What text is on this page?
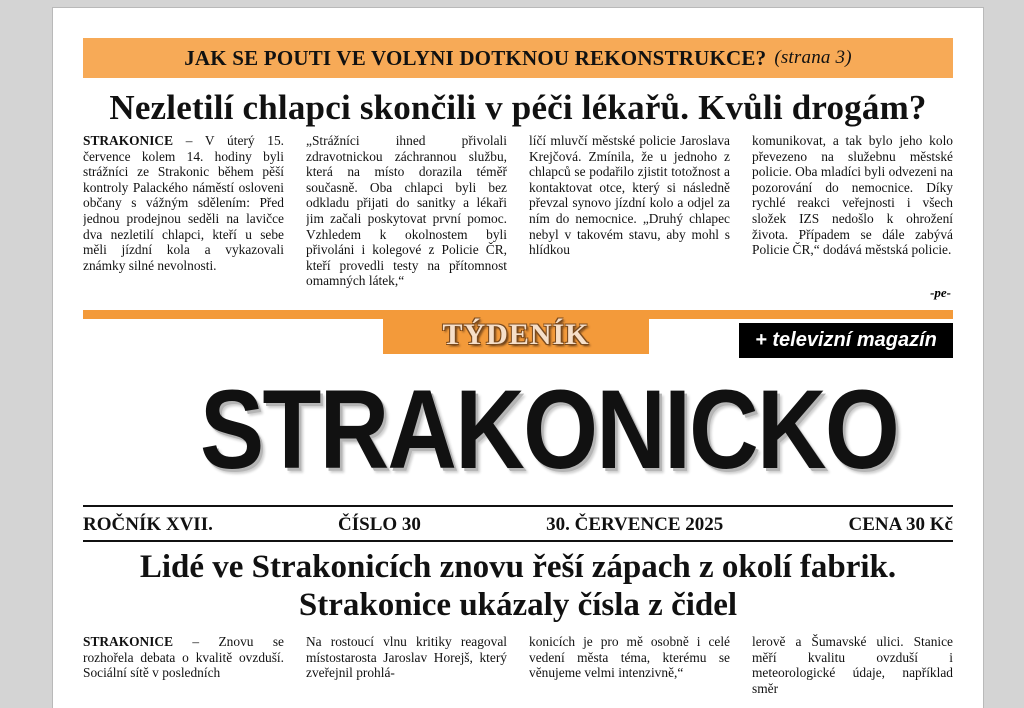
JAK SE POUTI VE VOLYNI DOTKNOU REKONSTRUKCE? (strana 3)
Nezletilí chlapci skončili v péči lékařů. Kvůli drogám?
STRAKONICE – V úterý 15. července kolem 14. hodiny byli strážníci ze Strakonic během pěší kontroly Palackého náměstí osloveni občany s vážným sdělením: Před jednou prodejnou seděli na lavičce dva nezletilí chlapci, kteří u sebe měli jízdní kola a vykazovali známky silné nevolnosti.
„Strážníci ihned přivolali zdravotnickou záchrannou službu, která na místo dorazila téměř současně. Oba chlapci byli bez odkladu přijati do sanitky a lékaři jim začali poskytovat první pomoc. Vzhledem k okolnostem byli přivoláni i kolegové z Policie ČR, kteří provedli testy na přítomnost omamných látek,“
líčí mluvčí městské policie Jaroslava Krejčová. Zmínila, že u jednoho z chlapců se podařilo zjistit totožnost a kontaktovat otce, který si následně převzal synovo jízdní kolo a odjel za ním do nemocnice. „Druhý chlapec nebyl v takovém stavu, aby mohl s hlídkou
komunikovat, a tak bylo jeho kolo převezeno na služebnu městské policie. Oba mladíci byli odvezeni na pozorování do nemocnice. Díky rychlé reakci veřejnosti i všech složek IZS nedošlo k ohrožení života. Případem se dále zabývá Policie ČR,“ dodává městská policie.
-pe-
TÝDENÍK	+ televizní magazín
STRAKONICKO
ROČNÍK XVII.	ČÍSLO 30	30. ČERVENCE 2025	CENA 30 Kč
Lidé ve Strakonicích znovu řeší zápach z okolí fabrik.
Strakonice ukázaly čísla z čidel
STRAKONICE – Znovu se rozhořela debata o kvalitě ovzduší. Sociální sítě v posledních
Na rostoucí vlnu kritiky reagoval místostarosta Jaroslav Horejš, který zveřejnil prohlá-
konicích je pro mě osobně i celé vedení města téma, kterému se věnujeme velmi intenzivně,“
lerově a Šumavské ulici. Stanice měří kvalitu ovzduší i meteorologické údaje, například směr
